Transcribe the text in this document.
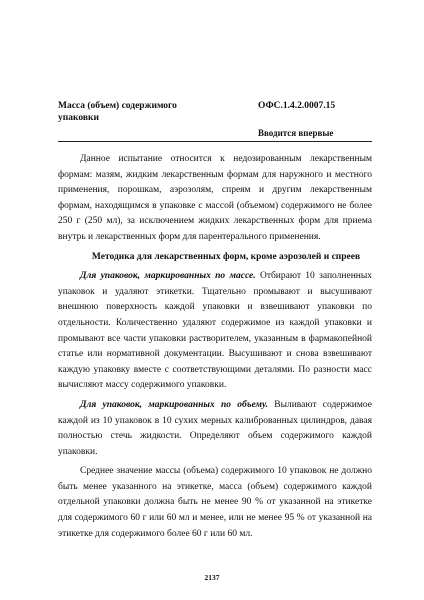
Масса (объем) содержимого упаковки
ОФС.1.4.2.0007.15
Вводится впервые

Данное испытание относится к недозированным лекарственным формам: мазям, жидким лекарственным формам для наружного и местного применения, порошкам, аэрозолям, спреям и другим лекарственным формам, находящимся в упаковке с массой (объемом) содержимого не более 250 г (250 мл), за исключением жидких лекарственных форм для приема внутрь и лекарственных форм для парентерального применения.

Методика для лекарственных форм, кроме аэрозолей и спреев

Для упаковок, маркированных по массе. Отбирают 10 заполненных упаковок и удаляют этикетки. Тщательно промывают и высушивают внешнюю поверхность каждой упаковки и взвешивают упаковки по отдельности. Количественно удаляют содержимое из каждой упаковки и промывают все части упаковки растворителем, указанным в фармакопейной статье или нормативной документации. Высушивают и снова взвешивают каждую упаковку вместе с соответствующими деталями. По разности масс вычисляют массу содержимого упаковки.

Для упаковок, маркированных по объему. Выливают содержимое каждой из 10 упаковок в 10 сухих мерных калиброванных цилиндров, давая полностью стечь жидкости. Определяют объем содержимого каждой упаковки.

Среднее значение массы (объема) содержимого 10 упаковок не должно быть менее указанного на этикетке, масса (объем) содержимого каждой отдельной упаковки должна быть не менее 90 % от указанной на этикетке для содержимого 60 г или 60 мл и менее, или не менее 95 % от указанной на этикетке для содержимого более 60 г или 60 мл.

2137
